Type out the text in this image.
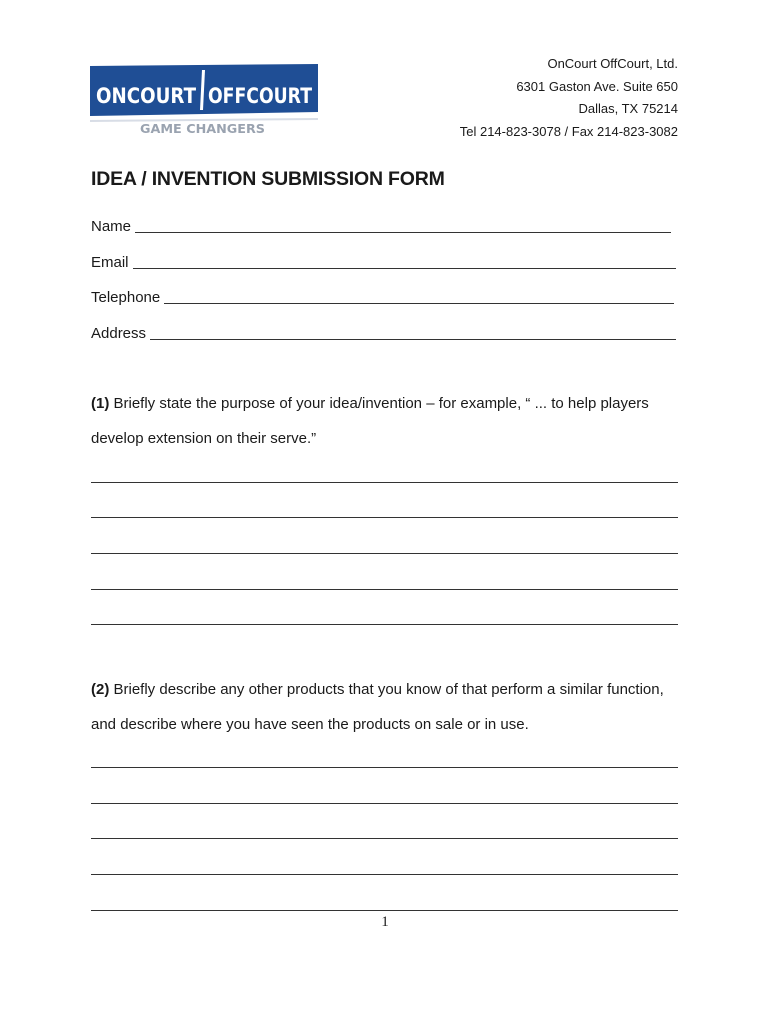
ONCOURT OFFCOURT
GAME CHANGERS
OnCourt OffCourt, Ltd.
6301 Gaston Ave. Suite 650
Dallas, TX 75214
Tel 214-823-3078 / Fax 214-823-3082
IDEA / INVENTION SUBMISSION FORM
Name
Email
Telephone
Address
(1) Briefly state the purpose of your idea/invention – for example, “ ... to help players
develop extension on their serve.”
(2) Briefly describe any other products that you know of that perform a similar function,
and describe where you have seen the products on sale or in use.
1
